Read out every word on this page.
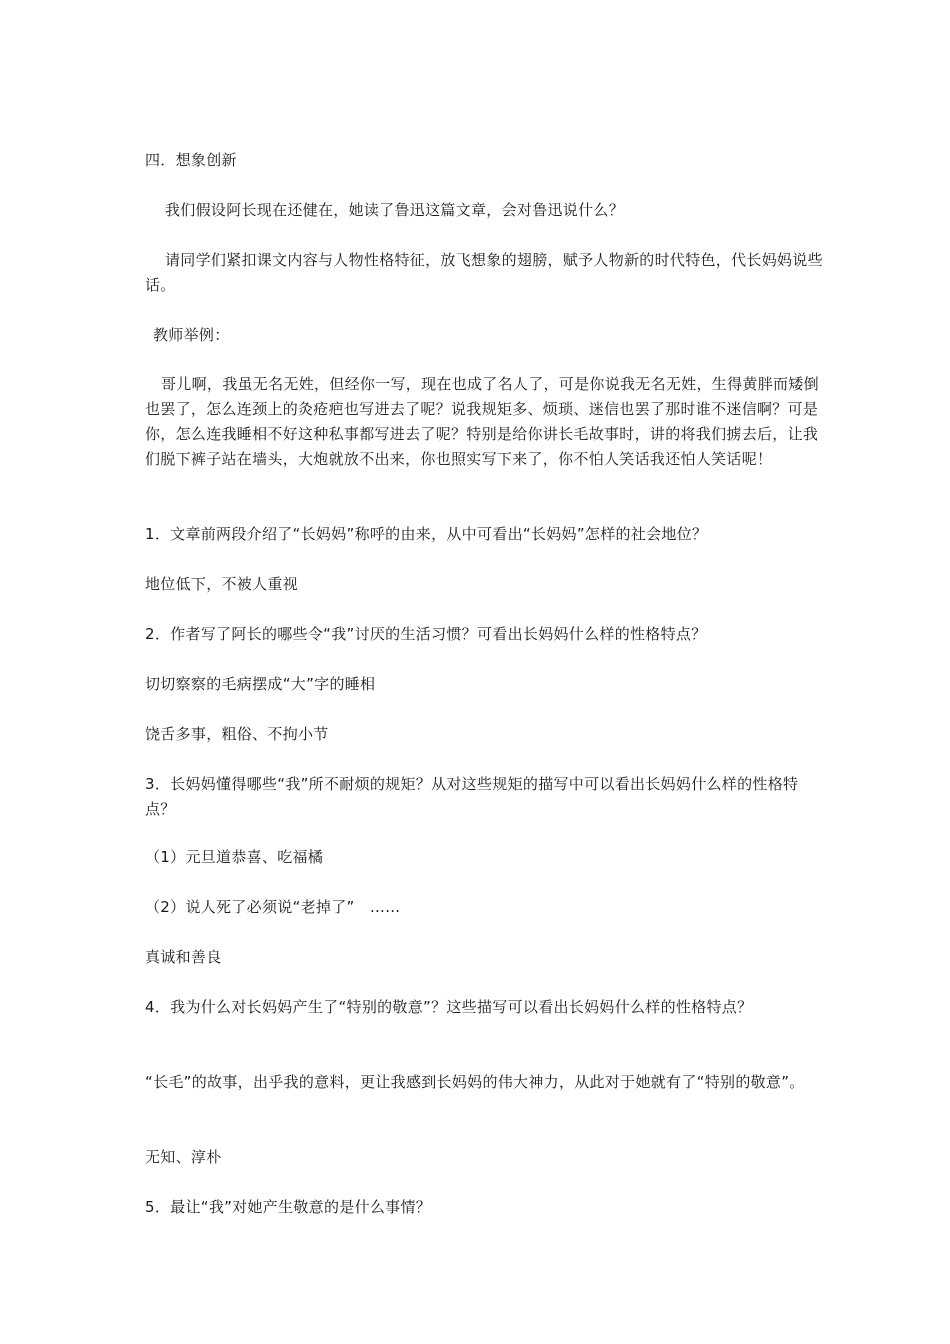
四．想象创新

我们假设阿长现在还健在，她读了鲁迅这篇文章，会对鲁迅说什么？

请同学们紧扣课文内容与人物性格特征，放飞想象的翅膀，赋予人物新的时代特色，代长妈妈说些话。

教师举例：

哥儿啊，我虽无名无姓，但经你一写，现在也成了名人了，可是你说我无名无姓，生得黄胖而矮倒也罢了，怎么连颈上的灸疮疤也写进去了呢？说我规矩多、烦琐、迷信也罢了那时谁不迷信啊？可是你，怎么连我睡相不好这种私事都写进去了呢？特别是给你讲长毛故事时，讲的将我们掳去后，让我们脱下裤子站在墙头，大炮就放不出来，你也照实写下来了，你不怕人笑话我还怕人笑话呢！

1．文章前两段介绍了“长妈妈”称呼的由来，从中可看出“长妈妈”怎样的社会地位？

地位低下，不被人重视

2．作者写了阿长的哪些令“我”讨厌的生活习惯？可看出长妈妈什么样的性格特点？

切切察察的毛病摆成“大”字的睡相

饶舌多事，粗俗、不拘小节

3．长妈妈懂得哪些“我”所不耐烦的规矩？从对这些规矩的描写中可以看出长妈妈什么样的性格特点？

（1）元旦道恭喜、吃福橘

（2）说人死了必须说“老掉了”　……

真诚和善良

4．我为什么对长妈妈产生了“特别的敬意”？这些描写可以看出长妈妈什么样的性格特点？

“长毛”的故事，出乎我的意料，更让我感到长妈妈的伟大神力，从此对于她就有了“特别的敬意”。

无知、淳朴

5．最让“我”对她产生敬意的是什么事情？
